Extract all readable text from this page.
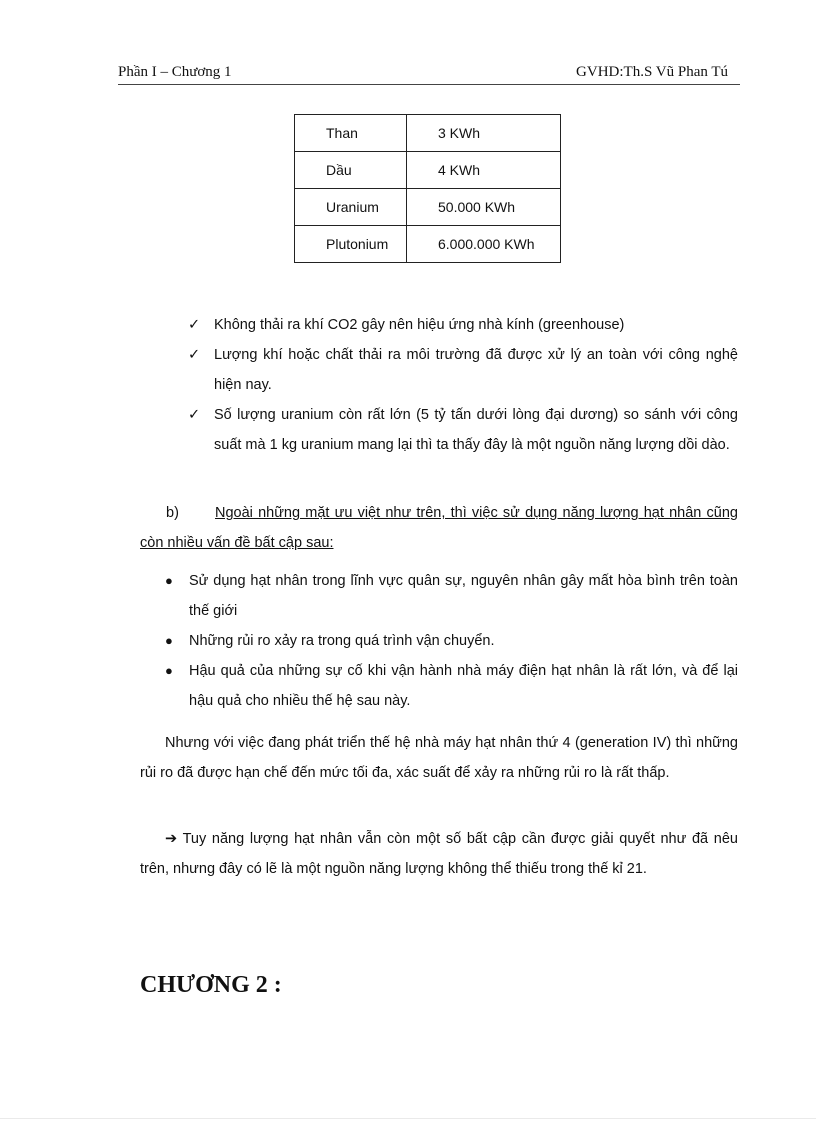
Phần I – Chương 1	GVHD:Th.S Vũ Phan Tú
Than	3 KWh
Dầu	4 KWh
Uranium	50.000 KWh
Plutonium	6.000.000 KWh
✓ Không thải ra khí CO2 gây nên hiệu ứng nhà kính (greenhouse)
✓ Lượng khí hoặc chất thải ra môi trường đã được xử lý an toàn với công nghệ hiện nay.
✓ Số lượng uranium còn rất lớn (5 tỷ tấn dưới lòng đại dương) so sánh với công suất mà 1 kg uranium mang lại thì ta thấy đây là một nguồn năng lượng dồi dào.
b)	Ngoài những mặt ưu việt như trên, thì việc sử dụng năng lượng hạt nhân cũng còn nhiều vấn đề bất cập sau:
● Sử dụng hạt nhân trong lĩnh vực quân sự, nguyên nhân gây mất hòa bình trên toàn thế giới
● Những rủi ro xảy ra trong quá trình vận chuyển.
● Hậu quả của những sự cố khi vận hành nhà máy điện hạt nhân là rất lớn, và để lại hậu quả cho nhiều thế hệ sau này.
Nhưng với việc đang phát triển thế hệ nhà máy hạt nhân thứ 4 (generation IV) thì những rủi ro đã được hạn chế đến mức tối đa, xác suất để xảy ra những rủi ro là rất thấp.
➔ Tuy năng lượng hạt nhân vẫn còn một số bất cập cần được giải quyết như đã nêu trên, nhưng đây có lẽ là một nguồn năng lượng không thể thiếu trong thế kỉ 21.
CHƯƠNG 2 :
